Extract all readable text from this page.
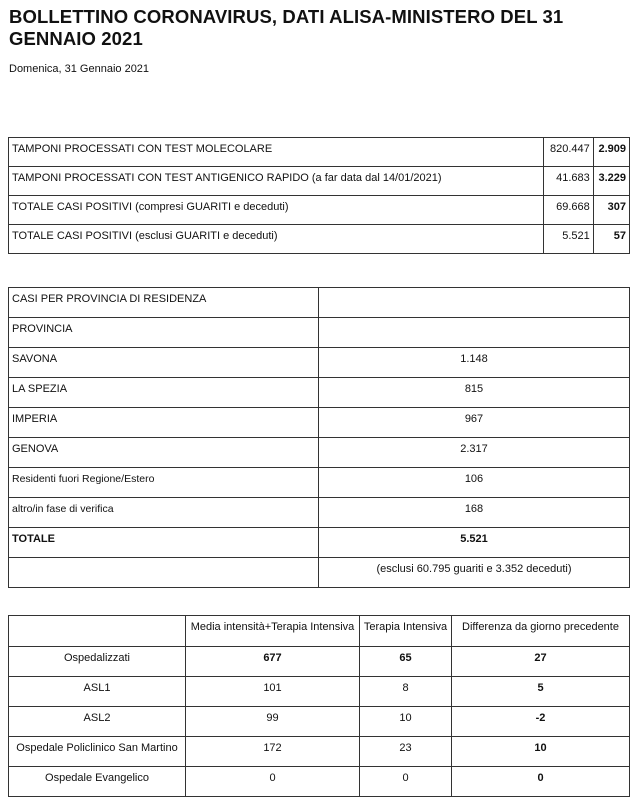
BOLLETTINO CORONAVIRUS, DATI ALISA-MINISTERO DEL 31 GENNAIO 2021
Domenica, 31 Gennaio 2021
TAMPONI PROCESSATI CON TEST MOLECOLARE	820.447	2.909
TAMPONI PROCESSATI CON TEST ANTIGENICO RAPIDO (a far data dal 14/01/2021)	41.683	3.229
TOTALE CASI POSITIVI (compresi GUARITI e deceduti)	69.668	307
TOTALE CASI POSITIVI (esclusi GUARITI e deceduti)	5.521	57
CASI PER PROVINCIA DI RESIDENZA	
PROVINCIA	
SAVONA	1.148
LA SPEZIA	815
IMPERIA	967
GENOVA	2.317
Residenti fuori Regione/Estero	106
altro/in fase di verifica	168
TOTALE	5.521
	(esclusi 60.795 guariti e 3.352 deceduti)
	Media intensità+Terapia Intensiva	Terapia Intensiva	Differenza da giorno precedente
Ospedalizzati	677	65	27
ASL1	101	8	5
ASL2	99	10	-2
Ospedale Policlinico San Martino	172	23	10
Ospedale Evangelico	0	0	0
